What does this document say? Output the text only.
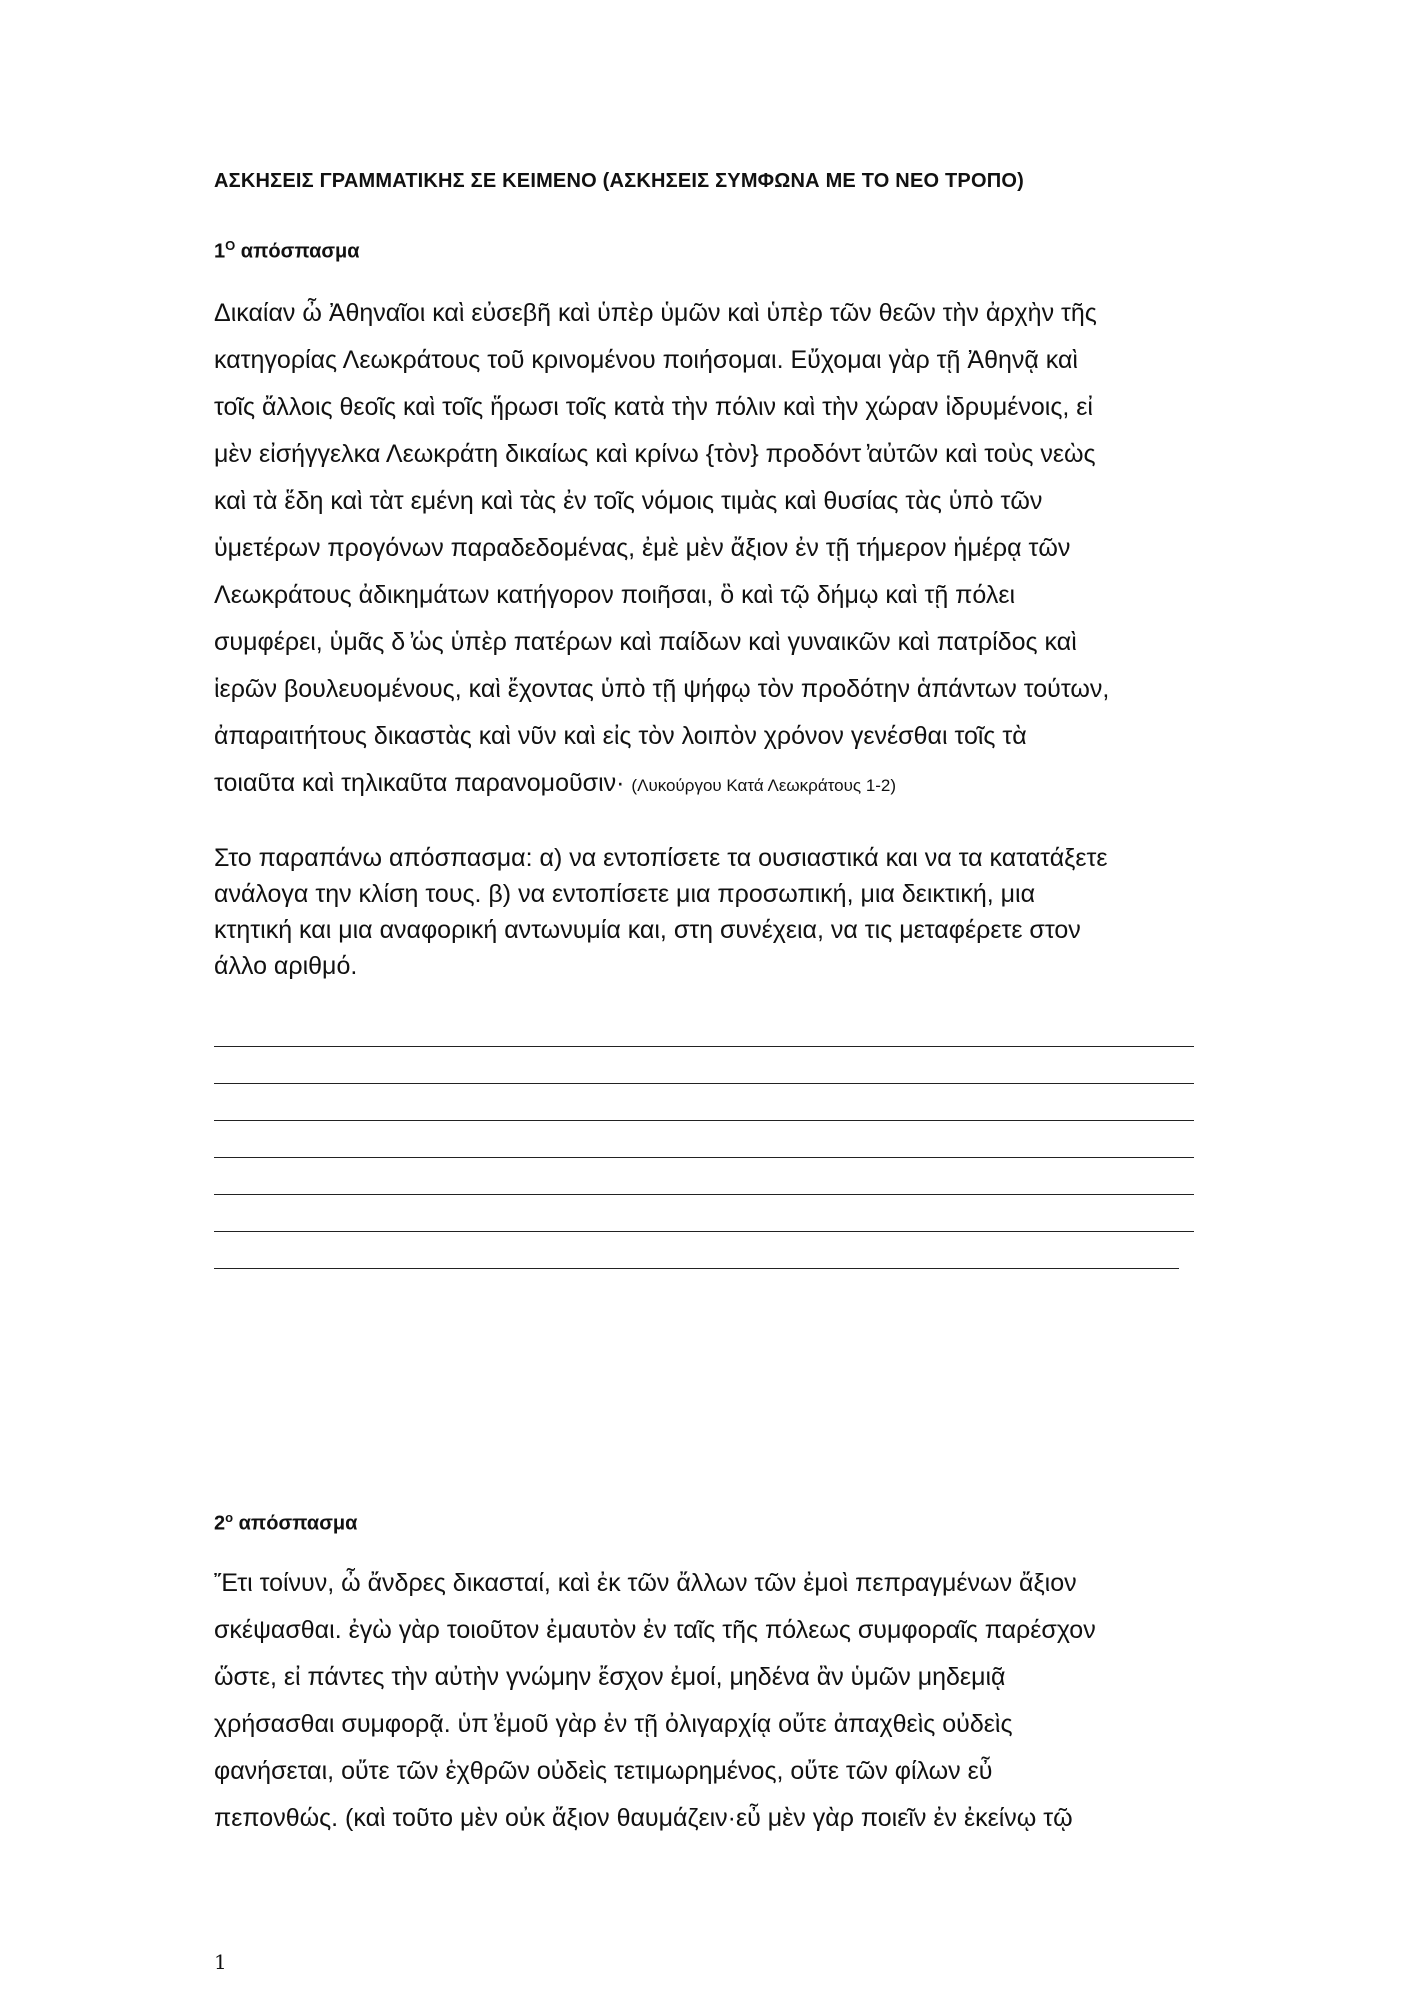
ΑΣΚΗΣΕΙΣ ΓΡΑΜΜΑΤΙΚΗΣ ΣΕ ΚΕΙΜΕΝΟ (ΑΣΚΗΣΕΙΣ ΣΥΜΦΩΝΑ ΜΕ ΤΟ ΝΕΟ ΤΡΟΠΟ)
$1^O$ απόσπασμα
Δικαίαν ὦ Ἀθηναῖοι καὶ εὐσεβῆ καὶ ὑπὲρ ὑμῶν καὶ ὑπὲρ τῶν θεῶν τὴν ἀρχὴν τῆς
κατηγορίας Λεωκράτους τοῦ κρινομένου ποιήσομαι. Εὔχομαι γὰρ τῇ Ἀθηνᾷ καὶ
τοῖς ἄλλοις θεοῖς καὶ τοῖς ἥρωσι τοῖς κατὰ τὴν πόλιν καὶ τὴν χώραν ἱδρυμένοις, εἰ
μὲν εἰσήγγελκα Λεωκράτη δικαίως καὶ κρίνω {τὸν} προδόντ ̓αὐτῶν καὶ τοὺς νεὼς
καὶ τὰ ἕδη καὶ τὰτ εμένη καὶ τὰς ἐν τοῖς νόμοις τιμὰς καὶ θυσίας τὰς ὑπὸ τῶν
ὑμετέρων προγόνων παραδεδομένας, ἐμὲ μὲν ἄξιον ἐν τῇ τήμερον ἡμέρᾳ τῶν
Λεωκράτους ἀδικημάτων κατήγορον ποιῆσαι, ὃ καὶ τῷ δήμῳ καὶ τῇ πόλει
συμφέρει, ὑμᾶς δ ̓ὡς ὑπὲρ πατέρων καὶ παίδων καὶ γυναικῶν καὶ πατρίδος καὶ
ἱερῶν βουλευομένους, καὶ ἔχοντας ὑπὸ τῇ ψήφῳ τὸν προδότην ἁπάντων τούτων,
ἀπαραιτήτους δικαστὰς καὶ νῦν καὶ εἰς τὸν λοιπὸν χρόνον γενέσθαι τοῖς τὰ
τοιαῦτα καὶ τηλικαῦτα παρανομοῦσιν· (Λυκούργου Κατά Λεωκράτους 1-2)
Στο παραπάνω απόσπασμα: α) να εντοπίσετε τα ουσιαστικά και να τα κατατάξετε
ανάλογα την κλίση τους. β) να εντοπίσετε μια προσωπική, μια δεικτική, μια
κτητική και μια αναφορική αντωνυμία και, στη συνέχεια, να τις μεταφέρετε στον
άλλο αριθμό.
$2^o$ απόσπασμα
Ἔτι τοίνυν, ὦ ἄνδρες δικασταί, καὶ ἐκ τῶν ἄλλων τῶν ἐμοὶ πεπραγμένων ἄξιον
σκέψασθαι. ἐγὼ γὰρ τοιοῦτον ἐμαυτὸν ἐν ταῖς τῆς πόλεως συμφοραῖς παρέσχον
ὥστε, εἰ πάντες τὴν αὐτὴν γνώμην ἔσχον ἐμοί, μηδένα ἂν ὑμῶν μηδεμιᾷ
χρήσασθαι συμφορᾷ. ὑπ ̓ἐμοῦ γὰρ ἐν τῇ ὀλιγαρχίᾳ οὔτε ἀπαχθεὶς οὐδεὶς
φανήσεται, οὔτε τῶν ἐχθρῶν οὐδεὶς τετιμωρημένος, οὔτε τῶν φίλων εὖ
πεπονθώς. (καὶ τοῦτο μὲν οὐκ ἄξιον θαυμάζειν·εὖ μὲν γὰρ ποιεῖν ἐν ἐκείνῳ τῷ
1
